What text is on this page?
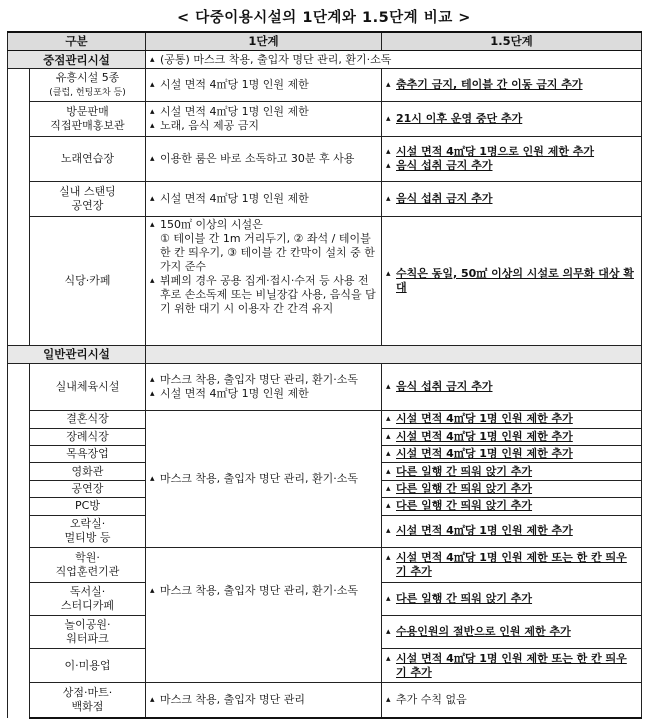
< 다중이용시설의 1단계와 1.5단계 비교 >
구분		1단계	1.5단계
중점관리시설		▴ (공통) 마스크 착용, 출입자 명단 관리, 환기·소독

	유흥시설 5종
(클럽, 헌팅포차 등)	▴ 시설 면적 4㎡당 1명 인원 제한	▴ 춤추기 금지, 테이블 간 이동 금지 추가

	방문판매
직접판매홍보관	▴ 시설 면적 4㎡당 1명 인원 제한
▴ 노래, 음식 제공 금지	▴ 21시 이후 운영 중단 추가

	노래연습장	▴ 이용한 룸은 바로 소독하고 30분 후 사용	▴ 시설 면적 4㎡당 1명으로 인원 제한 추가
▴ 음식 섭취 금지 추가

	실내 스탠딩
공연장	▴ 시설 면적 4㎡당 1명 인원 제한	▴ 음식 섭취 금지 추가

	식당·카페	▴ 150㎡ 이상의 시설은
① 테이블 간 1m 거리두기, ② 좌석 / 테이블 한 칸 띄우기, ③ 테이블 간 칸막이 설치 중 한 가지 준수
▴ 뷔페의 경우 공용 집게·접시·수저 등 사용 전후로 손소독제 또는 비닐장갑 사용, 음식을 담기 위한 대기 시 이용자 간 간격 유지	▴ 수칙은 동일, 50㎡ 이상의 시설로 의무화 대상 확대

일반관리시설			
	실내체육시설	▴ 마스크 착용, 출입자 명단 관리, 환기·소독
▴ 시설 면적 4㎡당 1명 인원 제한	▴ 음식 섭취 금지 추가

	결혼식장	▴ 마스크 착용, 출입자 명단 관리, 환기·소독	▴ 시설 면적 4㎡당 1명 인원 제한 추가

	장례식장		▴ 시설 면적 4㎡당 1명 인원 제한 추가

	목욕장업		▴ 시설 면적 4㎡당 1명 인원 제한 추가

	영화관		▴ 다른 일행 간 띄워 앉기 추가

	공연장		▴ 다른 일행 간 띄워 앉기 추가

	PC방		▴ 다른 일행 간 띄워 앉기 추가

	오락실·
멀티방 등		▴ 시설 면적 4㎡당 1명 인원 제한 추가

	학원·
직업훈련기관	▴ 마스크 착용, 출입자 명단 관리, 환기·소독	▴ 시설 면적 4㎡당 1명 인원 제한 또는 한 칸 띄우기 추가

	독서실·
스터디카페		▴ 다른 일행 간 띄워 앉기 추가

	놀이공원·
워터파크		▴ 수용인원의 절반으로 인원 제한 추가

	이·미용업		▴ 시설 면적 4㎡당 1명 인원 제한 또는 한 칸 띄우기 추가

	상점·마트·
백화점	▴ 마스크 착용, 출입자 명단 관리	▴ 추가 수칙 없음
